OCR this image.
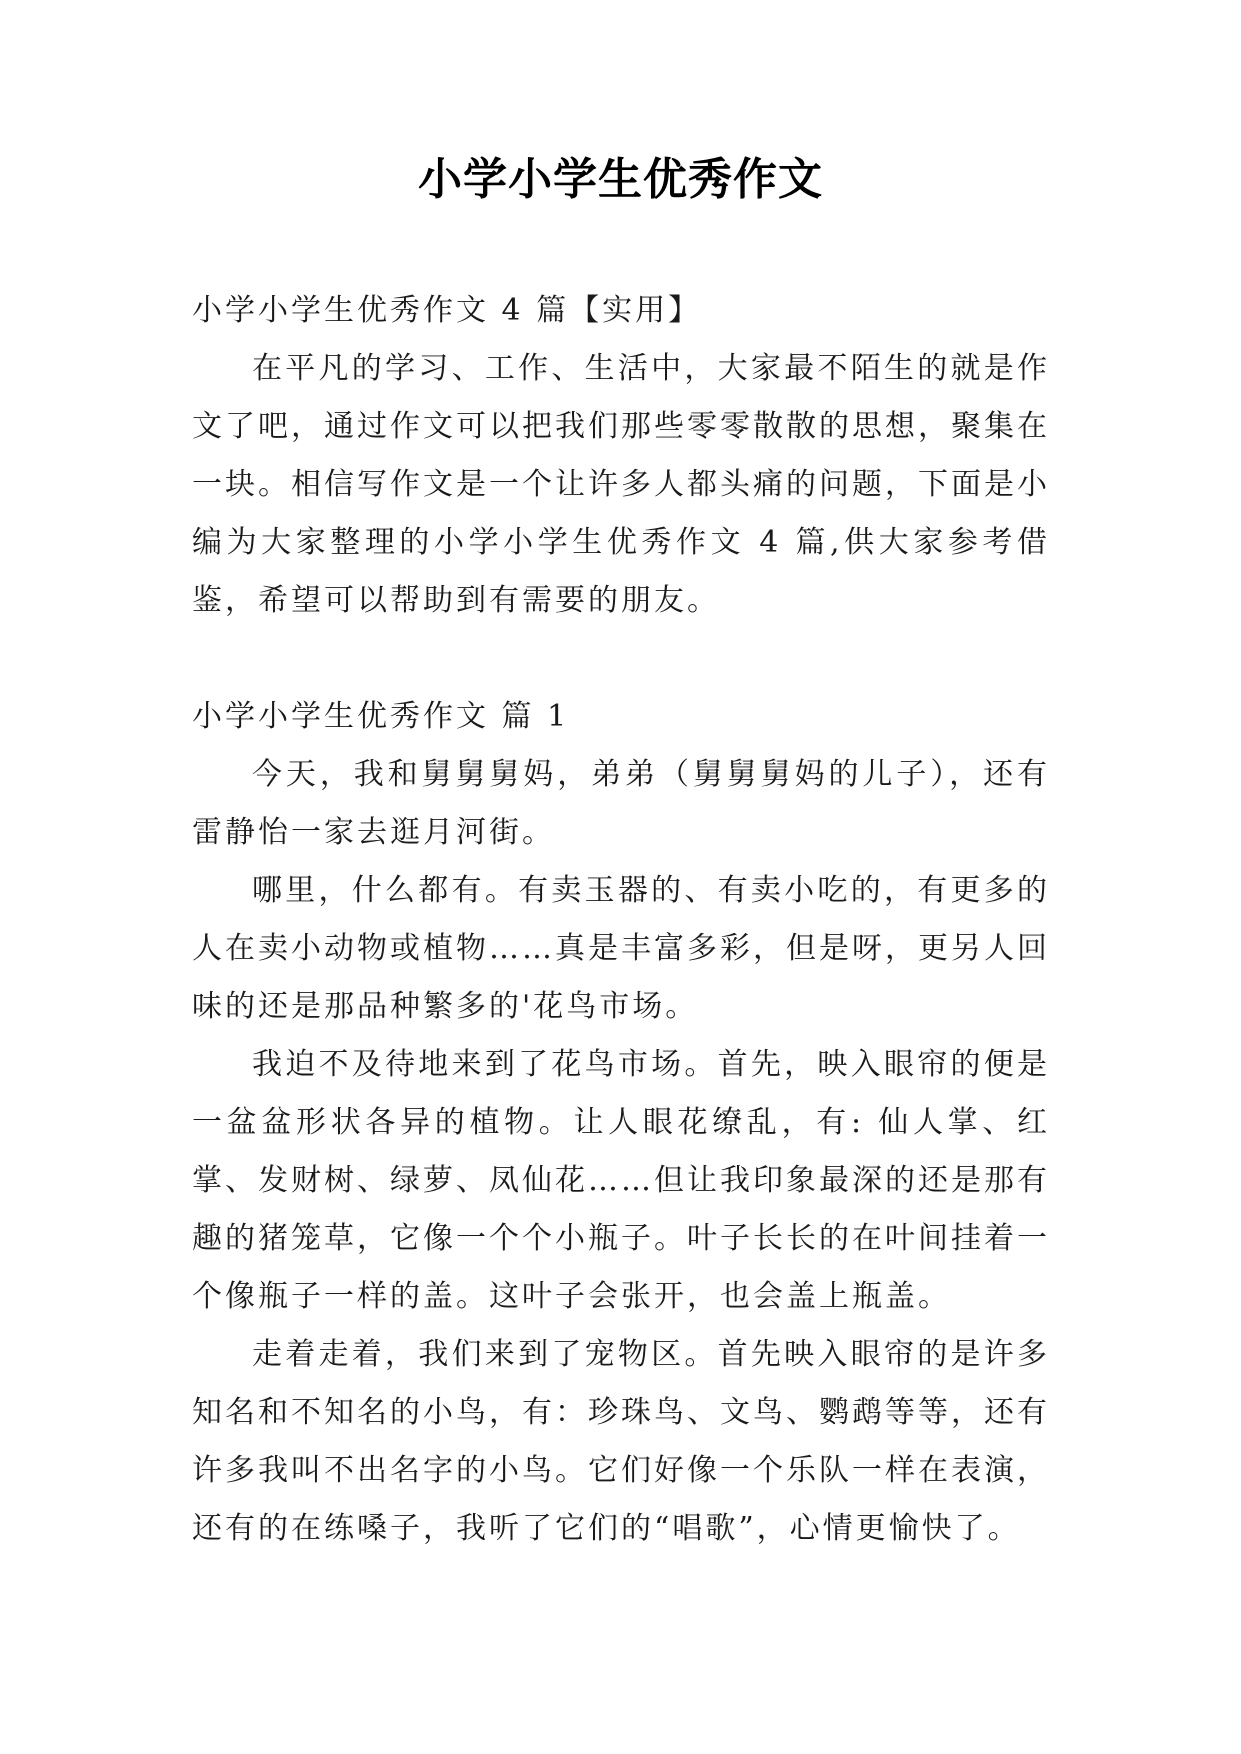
小学小学生优秀作文

小学小学生优秀作文 4 篇【实用】

在平凡的学习、工作、生活中，大家最不陌生的就是作文了吧，通过作文可以把我们那些零零散散的思想，聚集在一块。相信写作文是一个让许多人都头痛的问题，下面是小编为大家整理的小学小学生优秀作文 4 篇,供大家参考借鉴，希望可以帮助到有需要的朋友。

小学小学生优秀作文 篇 1

今天，我和舅舅舅妈，弟弟（舅舅舅妈的儿子），还有雷静怡一家去逛月河街。

哪里，什么都有。有卖玉器的、有卖小吃的，有更多的人在卖小动物或植物……真是丰富多彩，但是呀，更另人回味的还是那品种繁多的'花鸟市场。

我迫不及待地来到了花鸟市场。首先，映入眼帘的便是一盆盆形状各异的植物。让人眼花缭乱，有: 仙人掌、红掌、发财树、绿萝、凤仙花……但让我印象最深的还是那有趣的猪笼草，它像一个个小瓶子。叶子长长的在叶间挂着一个像瓶子一样的盖。这叶子会张开，也会盖上瓶盖。

走着走着，我们来到了宠物区。首先映入眼帘的是许多知名和不知名的小鸟，有：珍珠鸟、文鸟、鹦鹉等等，还有许多我叫不出名字的小鸟。它们好像一个乐队一样在表演，还有的在练嗓子，我听了它们的“唱歌”，心情更愉快了。
